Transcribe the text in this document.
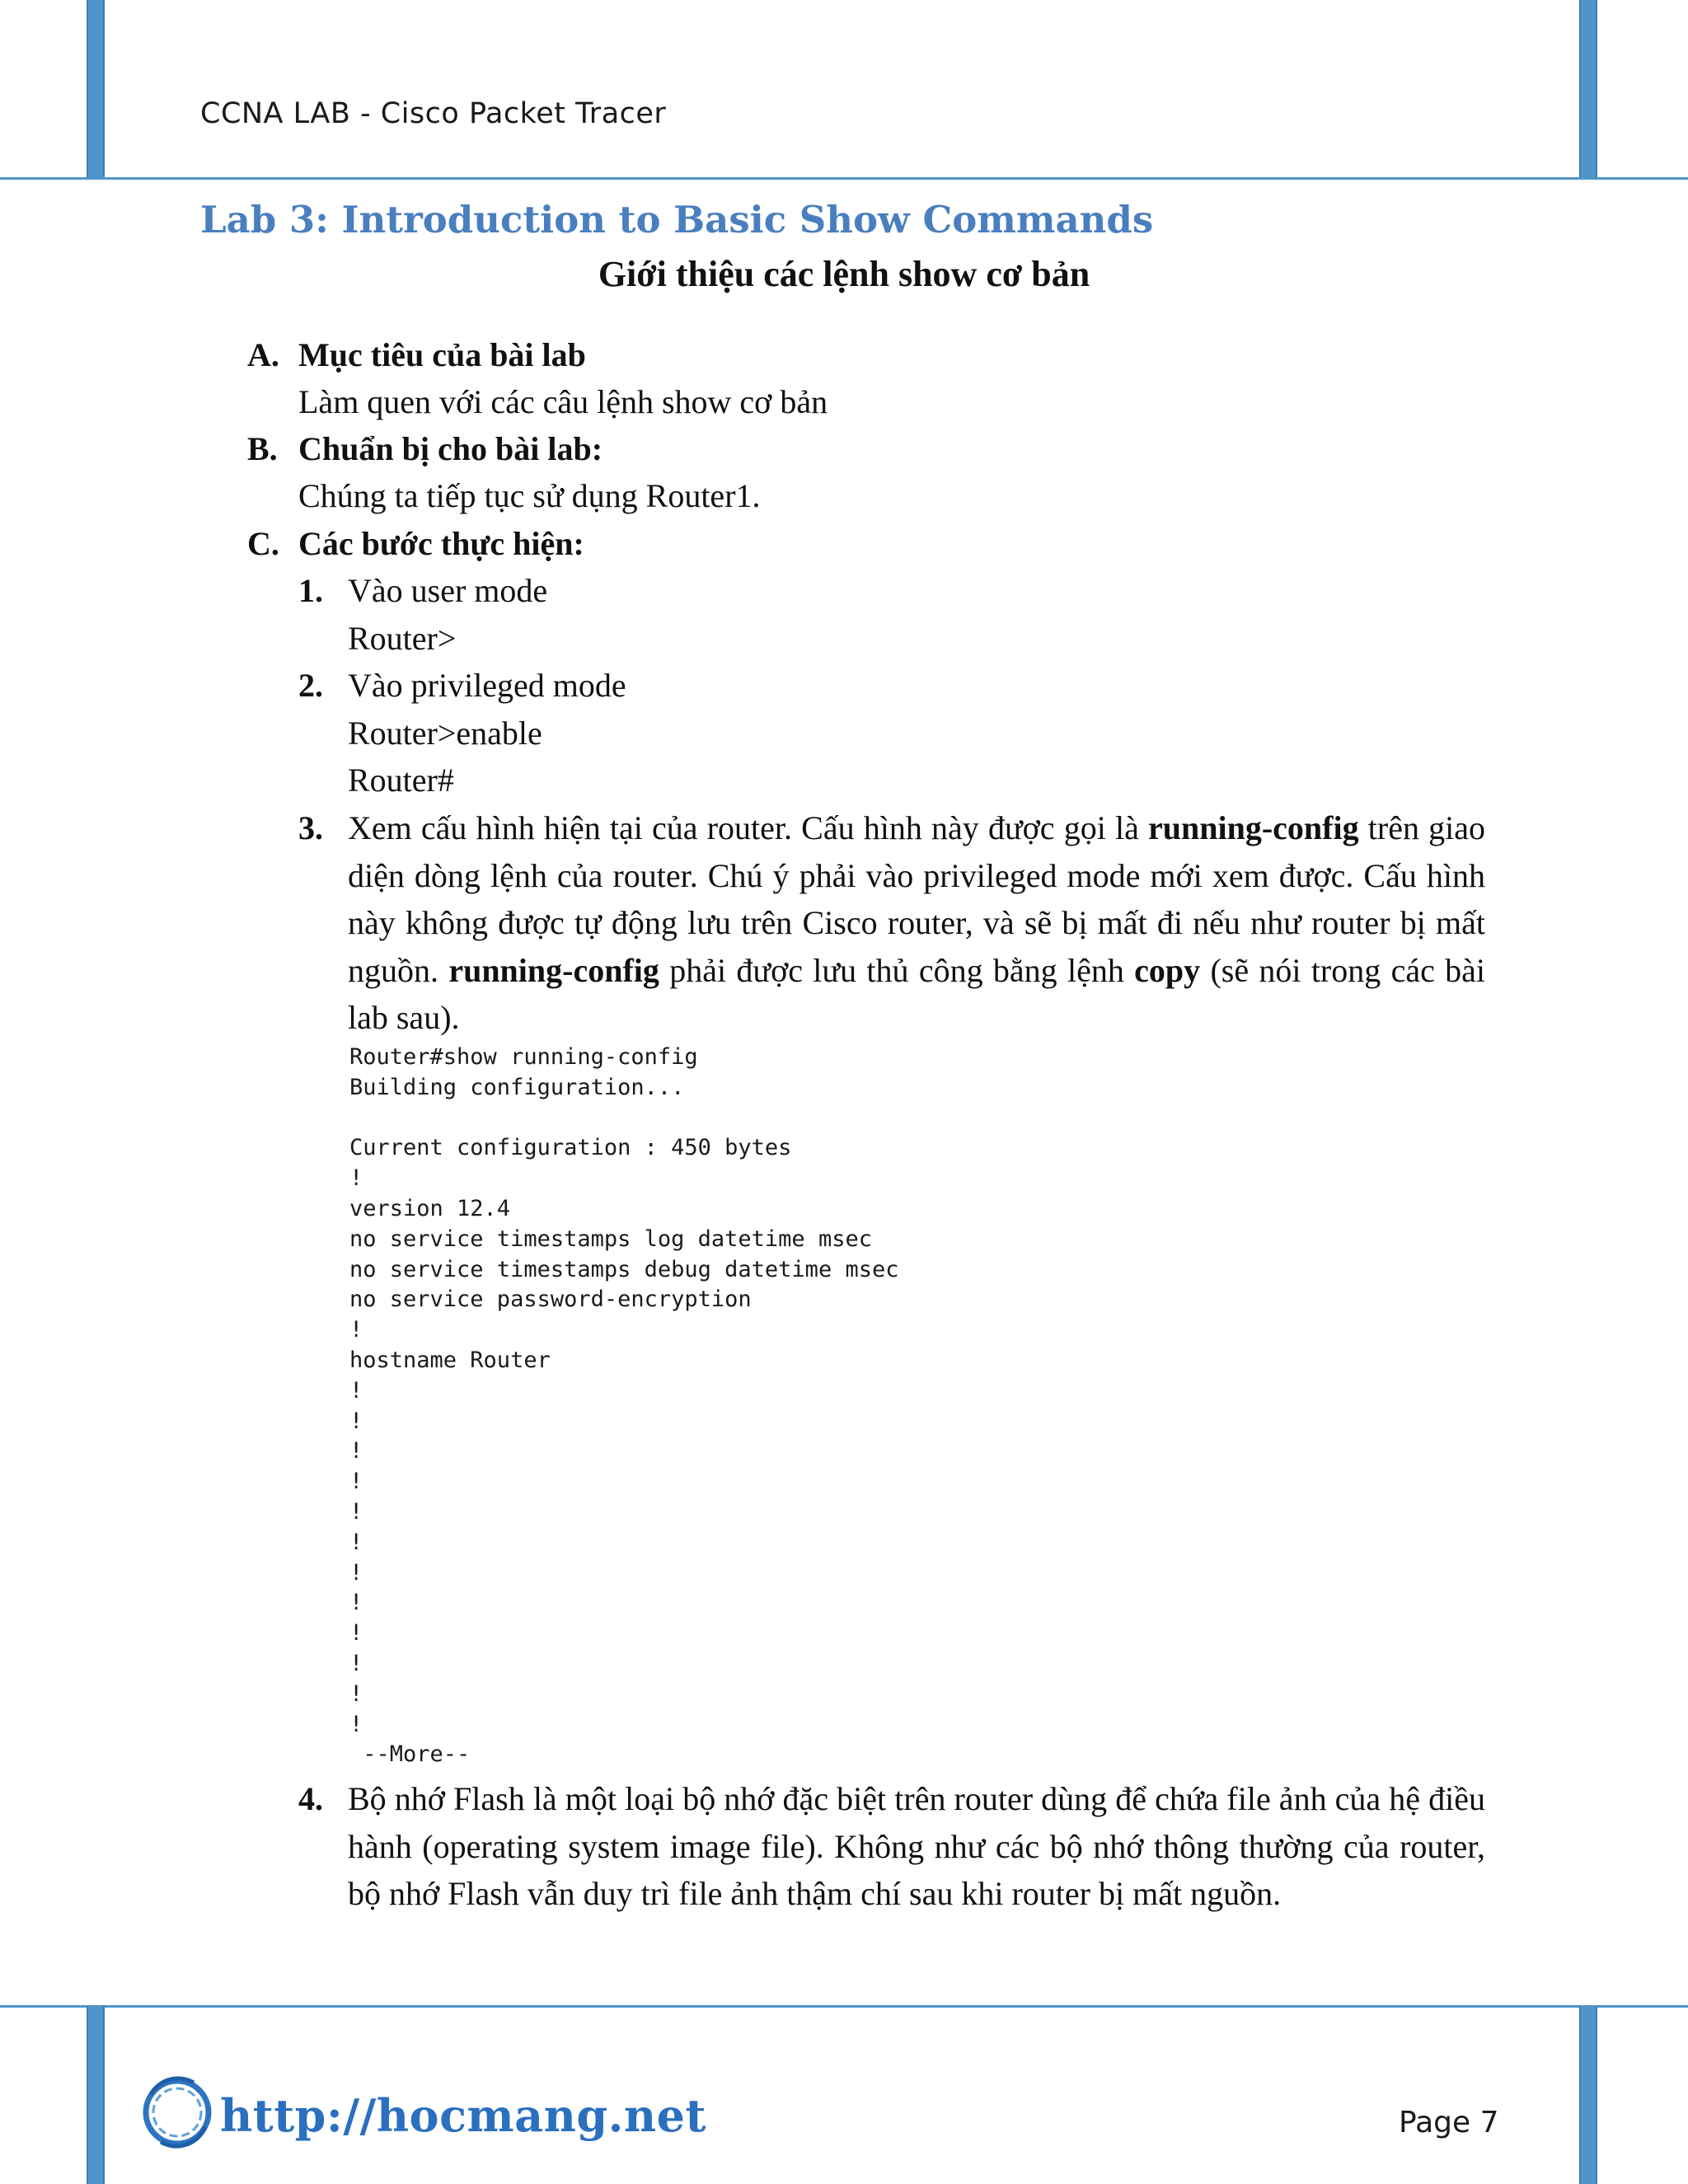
CCNA LAB - Cisco Packet Tracer
Lab 3: Introduction to Basic Show Commands
Giới thiệu các lệnh show cơ bản
A. Mục tiêu của bài lab
Làm quen với các câu lệnh show cơ bản
B. Chuẩn bị cho bài lab:
Chúng ta tiếp tục sử dụng Router1.
C. Các bước thực hiện:
1. Vào user mode
Router>
2. Vào privileged mode
Router>enable
Router#
3. Xem cấu hình hiện tại của router. Cấu hình này được gọi là running-config trên giao diện dòng lệnh của router. Chú ý phải vào privileged mode mới xem được. Cấu hình này không được tự động lưu trên Cisco router, và sẽ bị mất đi nếu như router bị mất nguồn. running-config phải được lưu thủ công bằng lệnh copy (sẽ nói trong các bài lab sau).
Router#show running-config
Building configuration...
Current configuration : 450 bytes
!
version 12.4
no service timestamps log datetime msec
no service timestamps debug datetime msec
no service password-encryption
!
hostname Router
!
!
!
!
!
!
!
!
!
!
!
!
--More--
4. Bộ nhớ Flash là một loại bộ nhớ đặc biệt trên router dùng để chứa file ảnh của hệ điều hành (operating system image file). Không như các bộ nhớ thông thường của router, bộ nhớ Flash vẫn duy trì file ảnh thậm chí sau khi router bị mất nguồn.
http://hocmang.net	Page 7
